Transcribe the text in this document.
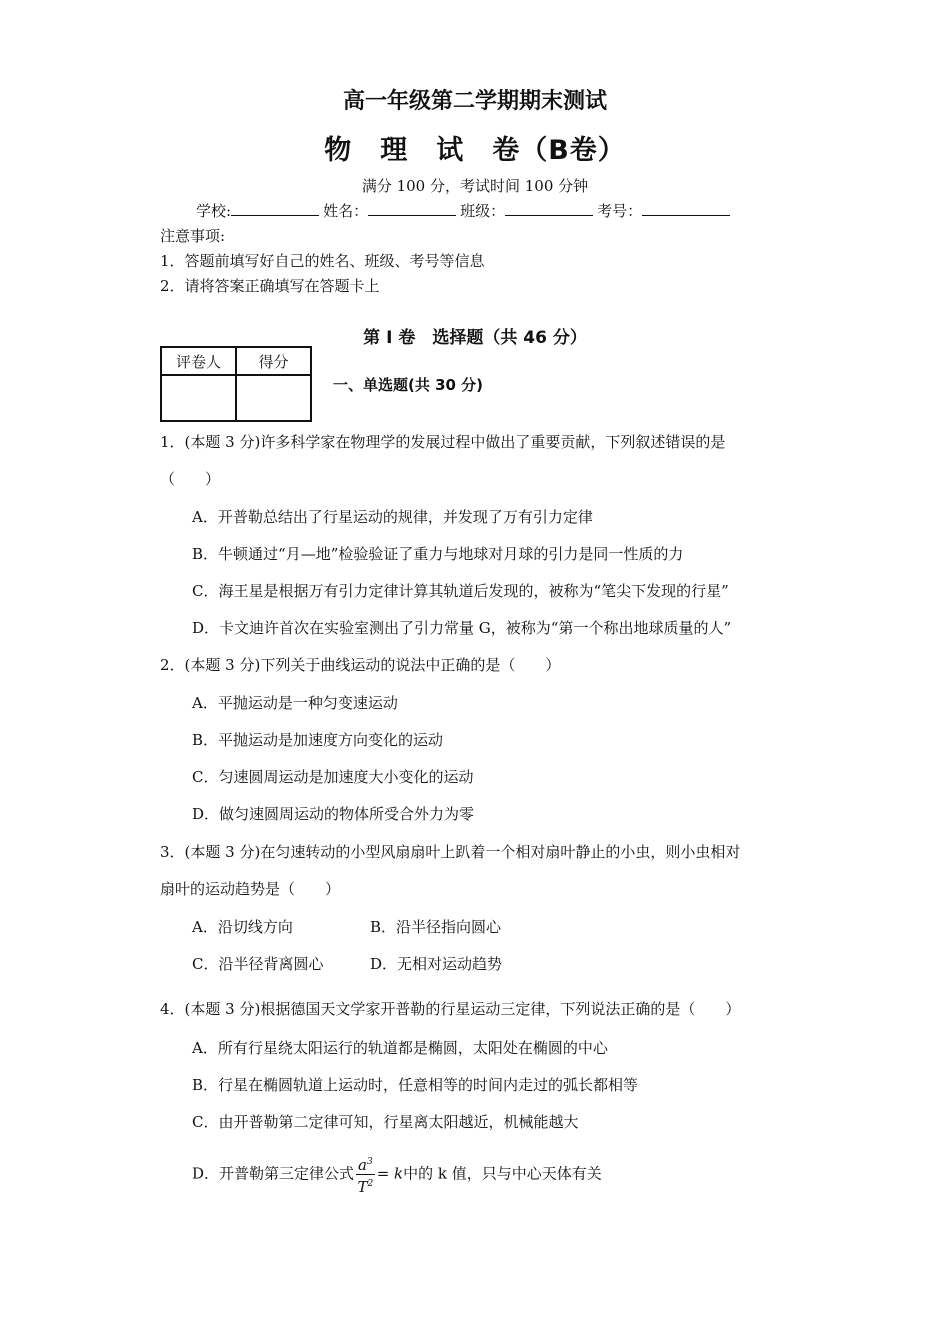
高一年级第二学期期末测试
物　理　试　卷（B卷）
满分 100 分，考试时间 100 分钟
学校:	姓名：	班级：	考号：
注意事项:
1．答题前填写好自己的姓名、班级、考号等信息
2．请将答案正确填写在答题卡上
第 I 卷　选择题（共 46 分）
评卷人	得分

一、单选题(共 30 分)
1．(本题 3 分)许多科学家在物理学的发展过程中做出了重要贡献，下列叙述错误的是
（　　）
A．开普勒总结出了行星运动的规律，并发现了万有引力定律
B．牛顿通过“月—地”检验验证了重力与地球对月球的引力是同一性质的力
C．海王星是根据万有引力定律计算其轨道后发现的，被称为“笔尖下发现的行星”
D．卡文迪许首次在实验室测出了引力常量 G，被称为“第一个称出地球质量的人”
2．(本题 3 分)下列关于曲线运动的说法中正确的是（　　）
A．平抛运动是一种匀变速运动
B．平抛运动是加速度方向变化的运动
C．匀速圆周运动是加速度大小变化的运动
D．做匀速圆周运动的物体所受合外力为零
3．(本题 3 分)在匀速转动的小型风扇扇叶上趴着一个相对扇叶静止的小虫，则小虫相对
扇叶的运动趋势是（　　）
A．沿切线方向	B．沿半径指向圆心
C．沿半径背离圆心	D．无相对运动趋势
4．(本题 3 分)根据德国天文学家开普勒的行星运动三定律，下列说法正确的是（　　）
A．所有行星绕太阳运行的轨道都是椭圆，太阳处在椭圆的中心
B．行星在椭圆轨道上运动时，任意相等的时间内走过的弧长都相等
C．由开普勒第二定律可知，行星离太阳越近，机械能越大
D．开普勒第三定律公式 $\frac{a^3}{T^2} = k$中的 k 值，只与中心天体有关
